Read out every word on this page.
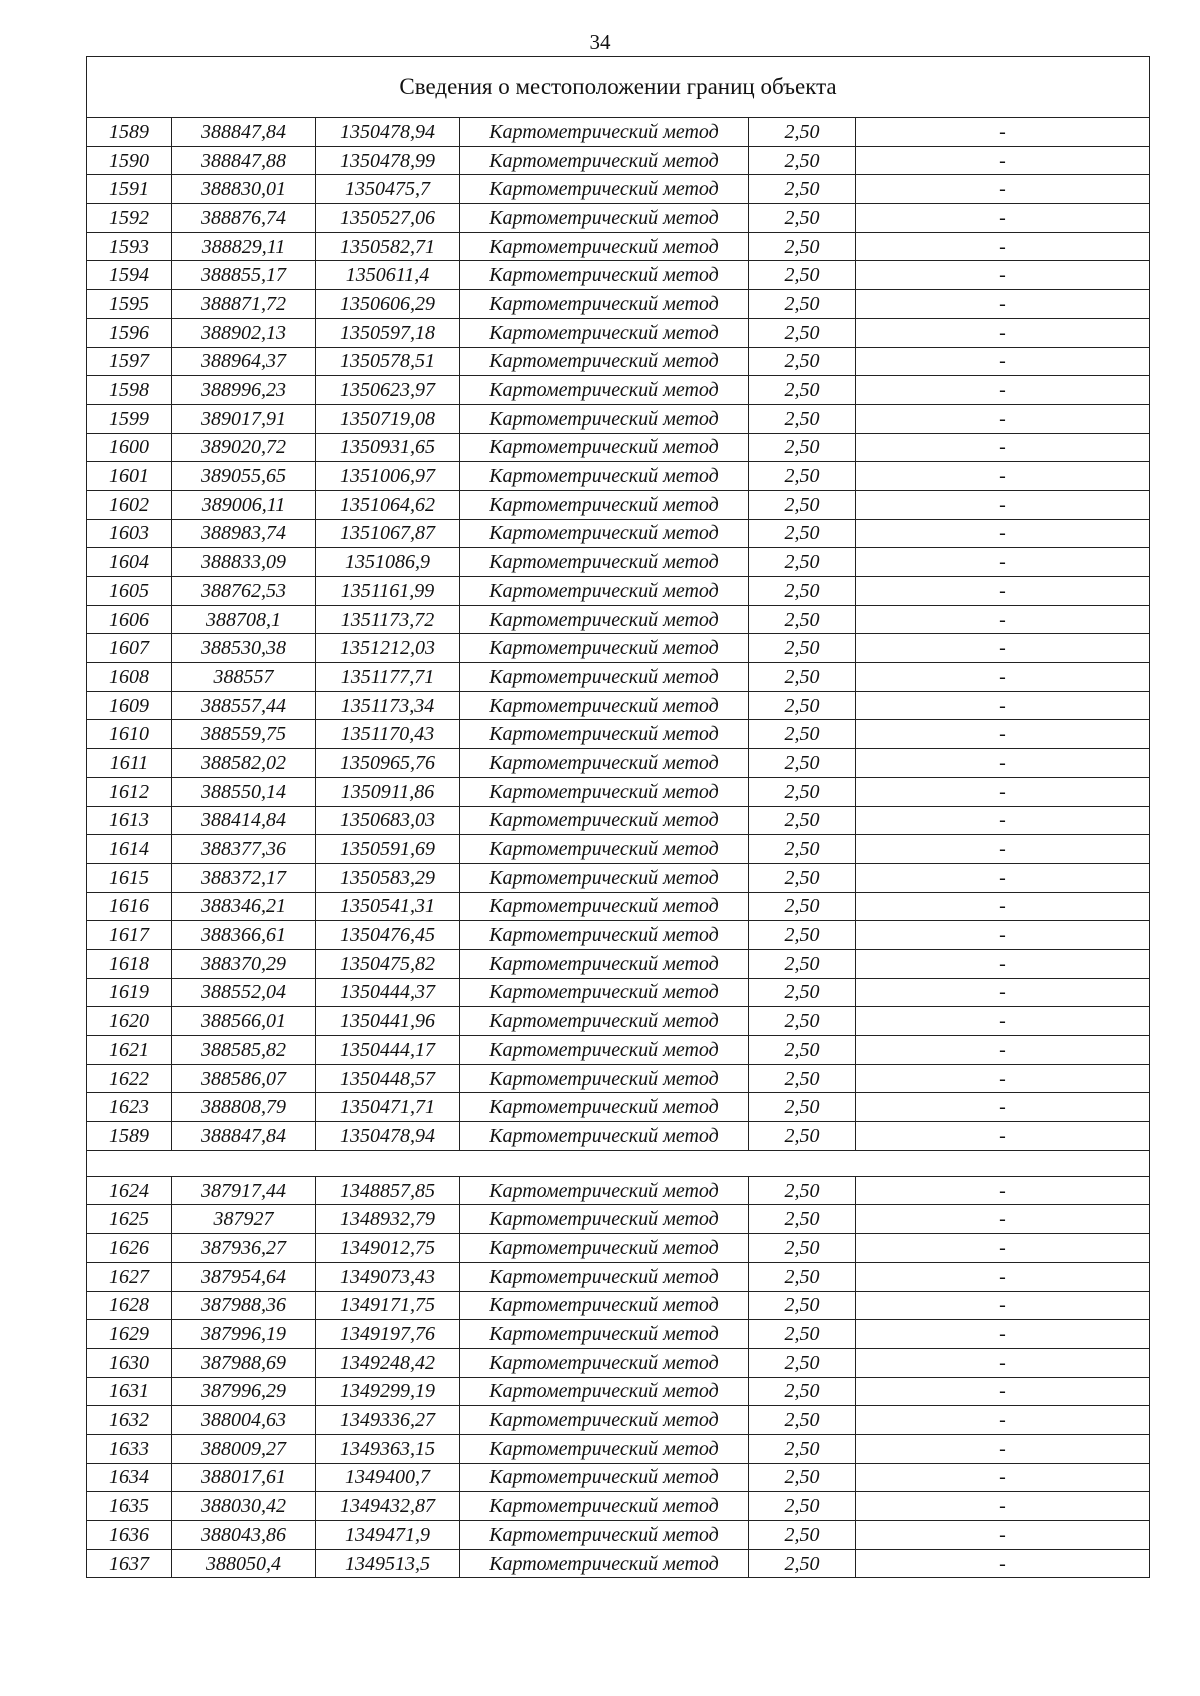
34
Сведения о местоположении границ объекта					
1589	388847,84	1350478,94	Картометрический метод	2,50	-
1590	388847,88	1350478,99	Картометрический метод	2,50	-
1591	388830,01	1350475,7	Картометрический метод	2,50	-
1592	388876,74	1350527,06	Картометрический метод	2,50	-
1593	388829,11	1350582,71	Картометрический метод	2,50	-
1594	388855,17	1350611,4	Картометрический метод	2,50	-
1595	388871,72	1350606,29	Картометрический метод	2,50	-
1596	388902,13	1350597,18	Картометрический метод	2,50	-
1597	388964,37	1350578,51	Картометрический метод	2,50	-
1598	388996,23	1350623,97	Картометрический метод	2,50	-
1599	389017,91	1350719,08	Картометрический метод	2,50	-
1600	389020,72	1350931,65	Картометрический метод	2,50	-
1601	389055,65	1351006,97	Картометрический метод	2,50	-
1602	389006,11	1351064,62	Картометрический метод	2,50	-
1603	388983,74	1351067,87	Картометрический метод	2,50	-
1604	388833,09	1351086,9	Картометрический метод	2,50	-
1605	388762,53	1351161,99	Картометрический метод	2,50	-
1606	388708,1	1351173,72	Картометрический метод	2,50	-
1607	388530,38	1351212,03	Картометрический метод	2,50	-
1608	388557	1351177,71	Картометрический метод	2,50	-
1609	388557,44	1351173,34	Картометрический метод	2,50	-
1610	388559,75	1351170,43	Картометрический метод	2,50	-
1611	388582,02	1350965,76	Картометрический метод	2,50	-
1612	388550,14	1350911,86	Картометрический метод	2,50	-
1613	388414,84	1350683,03	Картометрический метод	2,50	-
1614	388377,36	1350591,69	Картометрический метод	2,50	-
1615	388372,17	1350583,29	Картометрический метод	2,50	-
1616	388346,21	1350541,31	Картометрический метод	2,50	-
1617	388366,61	1350476,45	Картометрический метод	2,50	-
1618	388370,29	1350475,82	Картометрический метод	2,50	-
1619	388552,04	1350444,37	Картометрический метод	2,50	-
1620	388566,01	1350441,96	Картометрический метод	2,50	-
1621	388585,82	1350444,17	Картометрический метод	2,50	-
1622	388586,07	1350448,57	Картометрический метод	2,50	-
1623	388808,79	1350471,71	Картометрический метод	2,50	-
1589	388847,84	1350478,94	Картометрический метод	2,50	-

1624	387917,44	1348857,85	Картометрический метод	2,50	-
1625	387927	1348932,79	Картометрический метод	2,50	-
1626	387936,27	1349012,75	Картометрический метод	2,50	-
1627	387954,64	1349073,43	Картометрический метод	2,50	-
1628	387988,36	1349171,75	Картометрический метод	2,50	-
1629	387996,19	1349197,76	Картометрический метод	2,50	-
1630	387988,69	1349248,42	Картометрический метод	2,50	-
1631	387996,29	1349299,19	Картометрический метод	2,50	-
1632	388004,63	1349336,27	Картометрический метод	2,50	-
1633	388009,27	1349363,15	Картометрический метод	2,50	-
1634	388017,61	1349400,7	Картометрический метод	2,50	-
1635	388030,42	1349432,87	Картометрический метод	2,50	-
1636	388043,86	1349471,9	Картометрический метод	2,50	-
1637	388050,4	1349513,5	Картометрический метод	2,50	-
